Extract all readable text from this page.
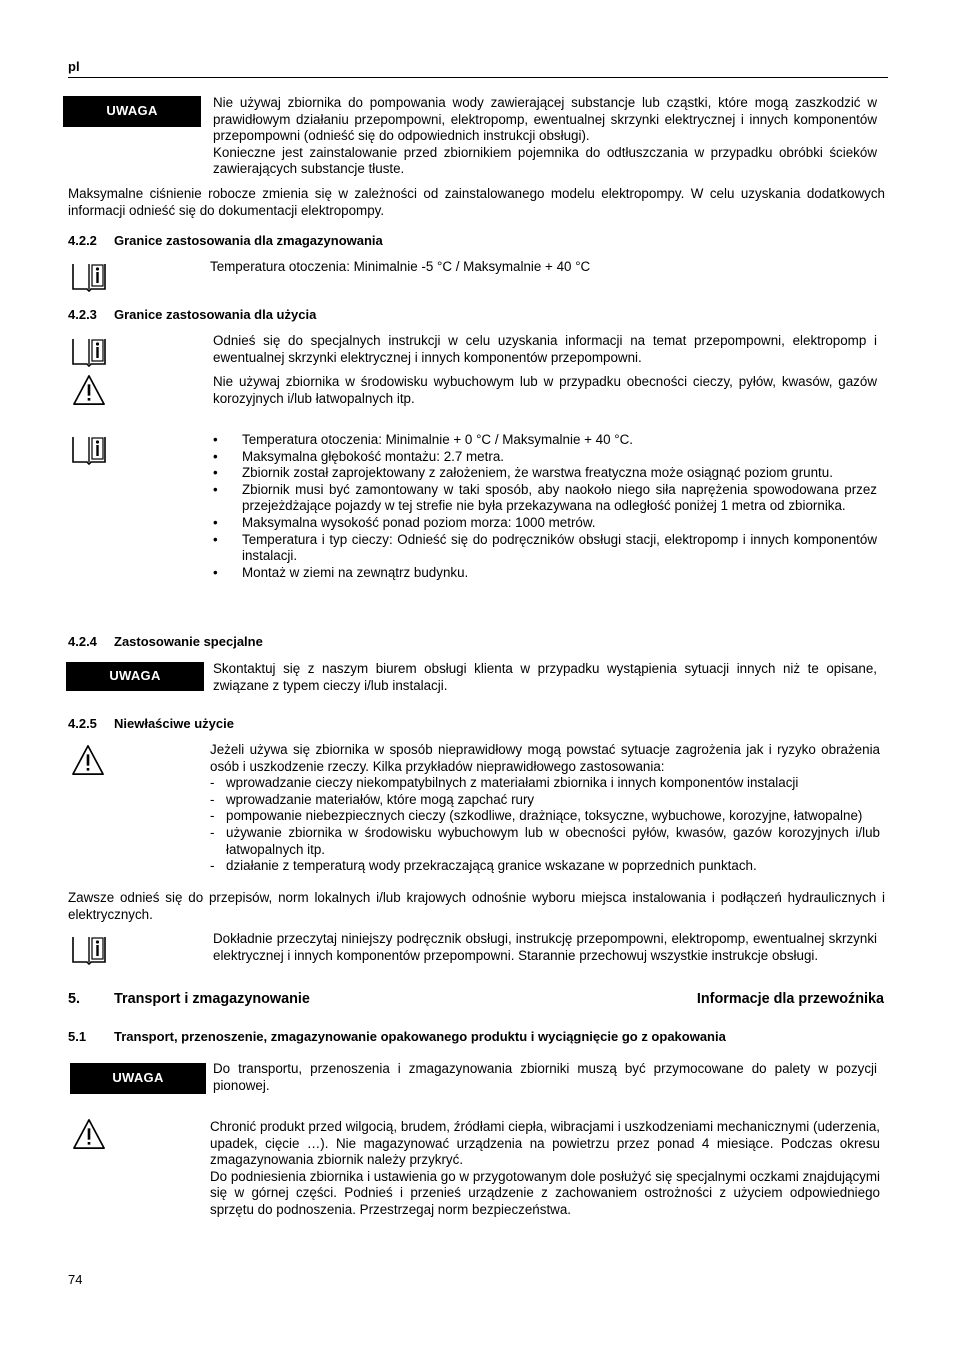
pl
UWAGA

Nie używaj zbiornika do pompowania wody zawierającej substancje lub cząstki, które mogą zaszkodzić w prawidłowym działaniu przepompowni, elektropomp, ewentualnej skrzynki elektrycznej i innych komponentów przepompowni (odnieść się do odpowiednich instrukcji obsługi).

Konieczne jest zainstalowanie przed zbiornikiem pojemnika do odtłuszczania w przypadku obróbki ścieków zawierających substancje tłuste.

Maksymalne ciśnienie robocze zmienia się w zależności od zainstalowanego modelu elektropompy. W celu uzyskania dodatkowych informacji odnieść się do dokumentacji elektropompy.
4.2.2 Granice zastosowania dla zmagazynowania
Temperatura otoczenia: Minimalnie -5 °C / Maksymalnie + 40 °C
4.2.3 Granice zastosowania dla użycia
Odnieś się do specjalnych instrukcji w celu uzyskania informacji na temat przepompowni, elektropomp i ewentualnej skrzynki elektrycznej i innych komponentów przepompowni.
Nie używaj zbiornika w środowisku wybuchowym lub w przypadku obecności cieczy, pyłów, kwasów, gazów korozyjnych i/lub łatwopalnych itp.
• Temperatura otoczenia: Minimalnie + 0 °C / Maksymalnie + 40 °C.
• Maksymalna głębokość montażu: 2.7 metra.
• Zbiornik został zaprojektowany z założeniem, że warstwa freatyczna może osiągnąć poziom gruntu.
• Zbiornik musi być zamontowany w taki sposób, aby naokoło niego siła naprężenia spowodowana przez przejeżdżające pojazdy w tej strefie nie była przekazywana na odległość poniżej 1 metra od zbiornika.
• Maksymalna wysokość ponad poziom morza: 1000 metrów.
• Temperatura i typ cieczy: Odnieść się do podręczników obsługi stacji, elektropomp i innych komponentów instalacji.
• Montaż w ziemi na zewnątrz budynku.
4.2.4 Zastosowanie specjalne
UWAGA	Skontaktuj się z naszym biurem obsługi klienta w przypadku wystąpienia sytuacji innych niż te opisane, związane z typem cieczy i/lub instalacji.
4.2.5 Niewłaściwe użycie

Jeżeli używa się zbiornika w sposób nieprawidłowy mogą powstać sytuacje zagrożenia jak i ryzyko obrażenia osób i uszkodzenie rzeczy. Kilka przykładów nieprawidłowego zastosowania:

- wprowadzanie cieczy niekompatybilnych z materiałami zbiornika i innych komponentów instalacji
- wprowadzanie materiałów, które mogą zapchać rury
- pompowanie niebezpiecznych cieczy (szkodliwe, drażniące, toksyczne, wybuchowe, korozyjne, łatwopalne)
- używanie zbiornika w środowisku wybuchowym lub w obecności pyłów, kwasów, gazów korozyjnych i/lub łatwopalnych itp.
- działanie z temperaturą wody przekraczającą granice wskazane w poprzednich punktach.
Zawsze odnieś się do przepisów, norm lokalnych i/lub krajowych odnośnie wyboru miejsca instalowania i podłączeń hydraulicznych i elektrycznych.
Dokładnie przeczytaj niniejszy podręcznik obsługi, instrukcję przepompowni, elektropomp, ewentualnej skrzynki elektrycznej i innych komponentów przepompowni. Starannie przechowuj wszystkie instrukcje obsługi.
5. Transport i zmagazynowanie	Informacje dla przewoźnika
5.1 Transport, przenoszenie, zmagazynowanie opakowanego produktu i wyciągnięcie go z opakowania
UWAGA
Do transportu, przenoszenia i zmagazynowania zbiorniki muszą być przymocowane do palety w pozycji pionowej.

Chronić produkt przed wilgocią, brudem, źródłami ciepła, wibracjami i uszkodzeniami mechanicznymi (uderzenia, upadek, cięcie …). Nie magazynować urządzenia na powietrzu przez ponad 4 miesiące. Podczas okresu zmagazynowania zbiornik należy przykryć.

Do podniesienia zbiornika i ustawienia go w przygotowanym dole posłużyć się specjalnymi oczkami znajdującymi się w górnej części. Podnieś i przenieś urządzenie z zachowaniem ostrożności z użyciem odpowiedniego sprzętu do podnoszenia. Przestrzegaj norm bezpieczeństwa.

74
